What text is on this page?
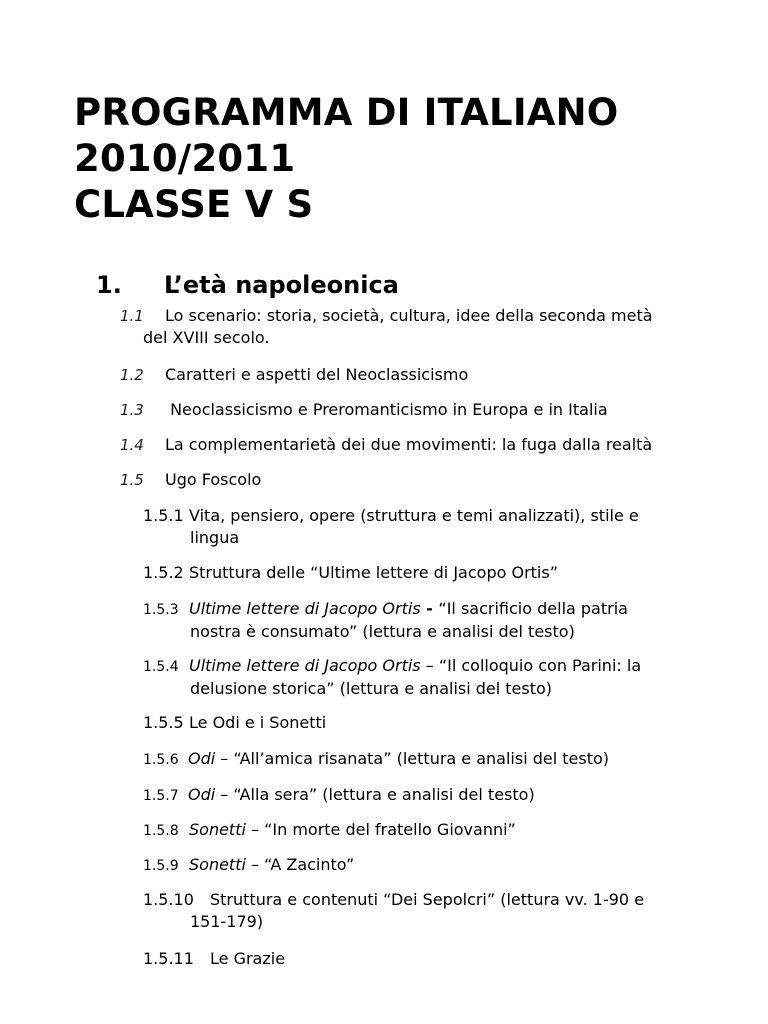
PROGRAMMA DI ITALIANO
2010/2011
CLASSE V S
1. L’età napoleonica

1.1 Lo scenario: storia, società, cultura, idee della seconda metà
del XVIII secolo.

1.2 Caratteri e aspetti del Neoclassicismo

1.3 Neoclassicismo e Preromanticismo in Europa e in Italia

1.4 La complementarietà dei due movimenti: la fuga dalla realtà

1.5 Ugo Foscolo

1.5.1 Vita, pensiero, opere (struttura e temi analizzati), stile e
lingua

1.5.2 Struttura delle “Ultime lettere di Jacopo Ortis”

1.5.3 Ultime lettere di Jacopo Ortis - “Il sacrificio della patria
nostra è consumato” (lettura e analisi del testo)

1.5.4 Ultime lettere di Jacopo Ortis – “Il colloquio con Parini: la
delusione storica” (lettura e analisi del testo)

1.5.5 Le Odi e i Sonetti

1.5.6 Odi – “All’amica risanata” (lettura e analisi del testo)

1.5.7 Odi – “Alla sera” (lettura e analisi del testo)

1.5.8 Sonetti – “In morte del fratello Giovanni”

1.5.9 Sonetti – “A Zacinto”

1.5.10 Struttura e contenuti “Dei Sepolcri” (lettura vv. 1-90 e
151-179)

1.5.11 Le Grazie
